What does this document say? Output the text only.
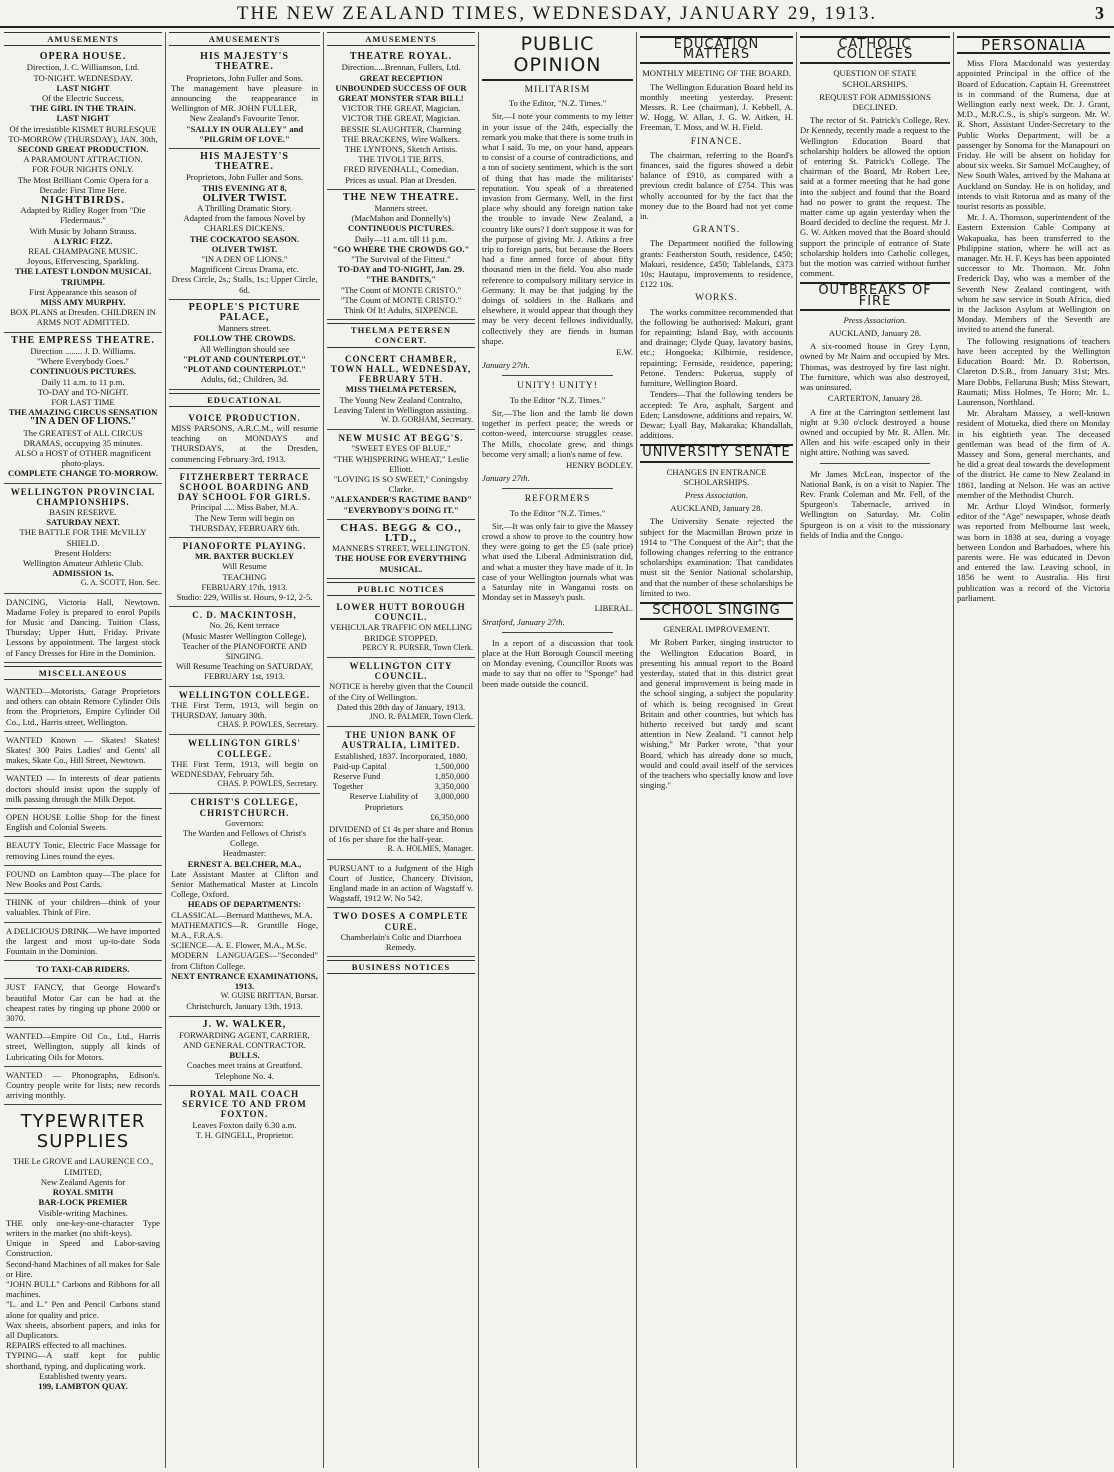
THE NEW ZEALAND TIMES, WEDNESDAY, JANUARY 29, 1913.	3
AMUSEMENTS
OPERA HOUSE.
Direction, J. C. Williamson, Ltd.
TO-NIGHT. WEDNESDAY.
LAST NIGHT
Of the Electric Success,
THE GIRL IN THE TRAIN.
LAST NIGHT
Of the irresistible KISMET BURLESQUE
TO-MORROW (THURSDAY), JAN. 30th,
SECOND GREAT PRODUCTION.
A PARAMOUNT ATTRACTION.
FOR FOUR NIGHTS ONLY.
The Most Brilliant Comic Opera for a Decade: First Time Here.
NIGHTBIRDS.
Adapted by Ridley Roger from "Die Fledermaus."
With Music by Johann Strauss.
A LYRIC FIZZ.
REAL CHAMPAGNE MUSIC.
Joyous, Effervescing, Sparkling.
THE LATEST LONDON MUSICAL TRIUMPH.
First Appearance this season of
MISS AMY MURPHY.
BOX PLANS at Dresden. CHILDREN IN ARMS NOT ADMITTED.
THE EMPRESS THEATRE.
Direction ........ J. D. Williams.
"Where Everybody Goes."
CONTINUOUS PICTURES.
Daily 11 a.m. to 11 p.m.
TO-DAY and TO-NIGHT.
FOR LAST TIME
THE AMAZING CIRCUS SENSATION
"IN A DEN OF LIONS."
The GREATEST of ALL CIRCUS DRAMAS, occupying 35 minutes.
ALSO a HOST of OTHER magnificent photo-plays.
COMPLETE CHANGE TO-MORROW.
WELLINGTON PROVINCIAL CHAMPIONSHIPS.
BASIN RESERVE.
SATURDAY NEXT.
THE BATTLE FOR THE McVILLY SHIELD.
Present Holders:
Wellington Amateur Athletic Club.
ADMISSION 1s.
G. A. SCOTT, Hon. Sec.
DANCING, Victoria Hall, Newtown. Madame Foley is prepared to enrol Pupils for Music and Dancing. Tuition Class, Thursday; Upper Hutt, Friday. Private Lessons by appointment. The largest stock of Fancy Dresses for Hire in the Dominion.
MISCELLANEOUS
WANTED—Motorists, Garage Proprietors and others can obtain Remore Cylinder Oils from the Proprietors, Empire Cylinder Oil Co., Ltd., Harris street, Wellington.
WANTED Known — Skates! Skates! Skates! 300 Pairs Ladies' and Gents' all makes, Skate Co., Hill Street, Newtown.
WANTED — In interests of dear patients doctors should insist upon the supply of milk passing through the Milk Depot.
OPEN HOUSE Lollie Shop for the finest English and Colonial Sweets.
BEAUTY Tonic, Electric Face Massage for removing Lines round the eyes.
FOUND on Lambton quay—The place for New Books and Post Cards.
THINK of your children—think of your valuables. Think of Fire.
A DELICIOUS DRINK—We have imported the largest and most up-to-date Soda Fountain in the Dominion.
TO TAXI-CAB RIDERS.
JUST FANCY, that George Howard's beautiful Motor Car can be had at the cheapest rates by ringing up phone 2000 or 3070.
WANTED—Empire Oil Co., Ltd., Harris street, Wellington, supply all kinds of Lubricating Oils for Motors.
WANTED — Phonographs, Edison's. Country people write for lists; new records arriving monthly.
TYPEWRITER SUPPLIES
THE Le GROVE and LAURENCE CO., LIMITED,
New Zealand Agents for
ROYAL SMITH
BAR-LOCK PREMIER
Visible-writing Machines.
THE only one-key-one-character Type writers in the market (no shift-keys).
Unique in Speed and Labor-saving Construction.
Second-hand Machines of all makes for Sale or Hire.
"JOHN BULL" Carbons and Ribbons for all machines.
"L. and L." Pen and Pencil Carbons stand alone for quality and price.
Wax sheets, absorbent papers, and inks for all Duplicators.
REPAIRS effected to all machines.
TYPING—A staff kept for public shorthand, typing, and duplicating work.
Established twenty years.
199, LAMBTON QUAY.
AMUSEMENTS
HIS MAJESTY'S THEATRE.
Proprietors, John Fuller and Sons.
The management have pleasure in announcing the reappearance in Wellington of MR. JOHN FULLER,
New Zealand's Favourite Tenor.
"SALLY IN OUR ALLEY" and "PILGRIM OF LOVE."
HIS MAJESTY'S THEATRE.
Proprietors, John Fuller and Sons.
THIS EVENING AT 8,
OLIVER TWIST.
A Thrilling Dramatic Story.
Adapted from the famous Novel by CHARLES DICKENS.
THE COCKATOO SEASON.
OLIVER TWIST.
"IN A DEN OF LIONS."
Magnificent Circus Drama, etc.
Dress Circle, 2s.; Stalls, 1s.; Upper Circle, 6d.
PEOPLE'S PICTURE PALACE,
Manners street.
FOLLOW THE CROWDS.
All Wellington should see
"PLOT AND COUNTERPLOT."
"PLOT AND COUNTERPLOT."
Adults, 6d.; Children, 3d.
EDUCATIONAL
VOICE PRODUCTION.
MISS PARSONS, A.R.C.M., will resume teaching on MONDAYS and THURSDAYS, at the Dresden, commencing February 3rd, 1913.
FITZHERBERT TERRACE SCHOOL BOARDING AND DAY SCHOOL FOR GIRLS.
Principal ..... Miss Baber, M.A.
The New Term will begin on THURSDAY, FEBRUARY 6th.
PIANOFORTE PLAYING.
MR. BAXTER BUCKLEY
Will Resume
TEACHING
FEBRUARY 17th, 1913.
Studio: 229, Willis st. Hours, 9-12, 2-5.
C. D. MACKINTOSH,
No. 26, Kent terrace
(Music Master Wellington College),
Teacher of the PIANOFORTE AND SINGING.
Will Resume Teaching on SATURDAY, FEBRUARY 1st, 1913.
WELLINGTON COLLEGE.
THE First Term, 1913, will begin on THURSDAY, January 30th.
CHAS. P. POWLES, Secretary.
WELLINGTON GIRLS' COLLEGE.
THE First Term, 1913, will begin on WEDNESDAY, February 5th.
CHAS. P. POWLES, Secretary.
CHRIST'S COLLEGE, CHRISTCHURCH.
Governors:
The Warden and Fellows of Christ's College.
Headmaster:
ERNEST A. BELCHER, M.A.,
Late Assistant Master at Clifton and Senior Mathematical Master at Lincoln College, Oxford.
HEADS OF DEPARTMENTS:
CLASSICAL—Bernard Matthews, M.A.
MATHEMATICS—R. Grantille Hoge, M.A., F.R.A.S.
SCIENCE—A. E. Flower, M.A., M.Sc.
MODERN LANGUAGES—"Seconded" from Clifton College.
NEXT ENTRANCE EXAMINATIONS, 1913.
W. GUISE BRITTAN, Bursar.
Christchurch, January 13th, 1913.
J. W. WALKER,
FORWARDING AGENT, CARRIER, AND GENERAL CONTRACTOR.
BULLS.
Coaches meet trains at Greatford.
Telephone No. 4.
ROYAL MAIL COACH SERVICE TO AND FROM FOXTON.
Leaves Foxton daily 6.30 a.m.
T. H. GINGELL, Proprietor.
AMUSEMENTS
THEATRE ROYAL.
Direction.....Brennan, Fullers, Ltd.
GREAT RECEPTION
UNBOUNDED SUCCESS OF OUR GREAT MONSTER STAR BILL!
VICTOR THE GREAT, Magician.
VICTOR THE GREAT, Magician.
BESSIE SLAUGHTER, Charming
THE BRACKENS, Wire Walkers.
THE LYNTONS, Sketch Artists.
THE TIVOLI TIE BITS.
FRED RIVENHALL, Comedian.
Prices as usual. Plan at Dresden.
THE NEW THEATRE.
Manners street.
(MacMahon and Donnelly's)
CONTINUOUS PICTURES.
Daily—11 a.m. till 11 p.m.
"GO WHERE THE CROWDS GO."
"The Survival of the Fittest."
TO-DAY and TO-NIGHT, Jan. 29.
"THE BANDITS,"
"The Count of MONTE CRISTO."
"The Count of MONTE CRISTO."
Think Of It! Adults, SIXPENCE.
THELMA PETERSEN CONCERT.
CONCERT CHAMBER, TOWN HALL, WEDNESDAY, FEBRUARY 5TH.
MISS THELMA PETERSEN,
The Young New Zealand Contralto,
Leaving Talent in Wellington assisting.
W. D. GORHAM, Secretary.
NEW MUSIC AT BEGG'S.
"SWEET EYES OF BLUE,"
"THE WHISPERING WHEAT," Leslie Elliott.
"LOVING IS SO SWEET," Coningsby Clarke.
"ALEXANDER'S RAGTIME BAND"
"EVERYBODY'S DOING IT."
CHAS. BEGG & CO., LTD.,
MANNERS STREET, WELLINGTON.
THE HOUSE FOR EVERYTHING MUSICAL.
PUBLIC NOTICES
LOWER HUTT BOROUGH COUNCIL.
VEHICULAR TRAFFIC ON MELLING BRIDGE STOPPED.
PERCY R. PURSER, Town Clerk.
WELLINGTON CITY COUNCIL.
NOTICE is hereby given that the Council of the City of Wellington.
Dated this 28th day of January, 1913.
JNO. R. PALMER, Town Clerk.
THE UNION BANK OF AUSTRALIA, LIMITED.
Established, 1837. Incorporated, 1880.
Paid-up Capital	1,500,000
Reserve Fund	1,850,000
Together	3,350,000
Reserve Liability of Proprietors
3,000,000
£6,350,000
DIVIDEND of £1 4s per share and Bonus of 16s per share for the half-year.
R. A. HOLMES, Manager.
PURSUANT to a Judgment of the High Court of Justice, Chancery Division, England made in an action of Wagstaff v. Wagstaff, 1912 W. No 542.
TWO DOSES A COMPLETE CURE.
Chamberlain's Colic and Diarrhoea Remedy.
BUSINESS NOTICES
PUBLIC OPINION
MILITARISM
To the Editor, "N.Z. Times."
Sir,—I note your comments to my letter in your issue of the 24th, especially the remark you make that there is some truth in what I said. To me, on your hand, appears to consist of a course of contradictions, and a ton of society sentiment, which is the sort of thing that has made the militarists' reputation. You speak of a threatened invasion from Germany. Well, in the first place why should any foreign nation take the trouble to invade New Zealand, a country like ours? I don't suppose it was for the purpose of giving Mr. J. Atkins a free trip to foreign parts, but because the Boers had a fine armed force of about fifty thousand men in the field. You also made reference to compulsory military service in Germany. It may be that judging by the doings of soldiers in the Balkans and elsewhere, it would appear that though they may be very decent fellows individually, collectively they are fiends in human shape.
E.W.
January 27th.
UNITY! UNITY!
To the Editor "N.Z. Times."
Sir,—The lion and the lamb lie down together in perfect peace; the weeds or cotton-weed, intercourse struggles cease. The Mills, chocolate grew, and things become very small; a lion's name of few.
HENRY BODLEY.
January 27th.
REFORMERS
To the Editor "N.Z. Times."
Sir,—It was only fair to give the Massey crowd a show to prove to the country how they were going to get the £5 (sale price) what used the Liberal Administration did, and what a muster they have made of it. In case of your Wellington journals what was a Saturday nite in Wanganui rosts on Monday set in Massey's push.
LIBERAL.
Stratford, January 27th.
In a report of a discussion that took place at the Hutt Borough Council meeting on Monday evening, Councillor Roots was made to say that no offer to "Sponge" had been made outside the council.
EDUCATION MATTERS
MONTHLY MEETING OF THE BOARD.
The Wellington Education Board held its monthly meeting yesterday. Present: Messrs. R. Lee (chairman), J. Kebbell, A. W. Hogg, W. Allan, J. G. W. Aitken, H. Freeman, T. Moss, and W. H. Field.
FINANCE.
The chairman, referring to the Board's finances, said the figures showed a debit balance of £910, as compared with a previous credit balance of £754. This was wholly accounted for by the fact that the money due to the Board had not yet come in.
GRANTS.
The Department notified the following grants: Featherston South, residence, £450; Makuri, residence, £450; Tablelands, £373 10s; Hautapu, improvements to residence, £122 10s.
WORKS.
The works committee recommended that the following be authorised: Makuri, grant for repainting; Island Bay, with accounts and drainage; Clyde Quay, lavatory basins, etc.; Hongoeka; Kilbirnie, residence, repainting; Fernside, residence, papering; Petone. Tenders: Pukerua, supply of furniture, Wellington Board.
Tenders—That the following tenders be accepted: Te Aro, asphalt, Sargent and Eden; Lansdowne, additions and repairs, W. Dewar; Lyall Bay, Makaraka; Khandallah, additions.
UNIVERSITY SENATE
CHANGES IN ENTRANCE SCHOLARSHIPS.
Press Association.
AUCKLAND, January 28.
The University Senate rejected the subject for the Macmillan Brown prize in 1914 to "The Conquest of the Air"; that the following changes referring to the entrance scholarships examination: That candidates must sit the Senior National scholarship, and that the number of these scholarships be limited to two.
SCHOOL SINGING
GENERAL IMPROVEMENT.
Mr Robert Parker, singing instructor to the Wellington Education Board, in presenting his annual report to the Board yesterday, stated that in this district great and general improvement is being made in the school singing, a subject the popularity of which is being recognised in Great Britain and other countries, but which has hitherto received but tardy and scant attention in New Zealand. "I cannot help wishing," Mr Parker wrote, "that your Board, which has already done so much, would and could avail itself of the services of the teachers who specially know and love singing."
CATHOLIC COLLEGES
QUESTION OF STATE SCHOLARSHIPS.
REQUEST FOR ADMISSIONS DECLINED.
The rector of St. Patrick's College, Rev. Dr Kennedy, recently made a request to the Wellington Education Board that scholarship holders be allowed the option of entering St. Patrick's College. The chairman of the Board, Mr Robert Lee, said at a former meeting that he had gone into the subject and found that the Board had no power to grant the request. The matter came up again yesterday when the Board decided to decline the request. Mr J. G. W. Aitken moved that the Board should support the principle of entrance of State scholarship holders into Catholic colleges, but the motion was carried without further comment.
OUTBREAKS OF FIRE
Press Association.
AUCKLAND, January 28.
A six-roomed house in Grey Lynn, owned by Mr Nairn and occupied by Mrs. Thomas, was destroyed by fire last night. The furniture, which was also destroyed, was uninsured.
CARTERTON, January 28.
A fire at the Carrington settlement last night at 9.30 o'clock destroyed a house owned and occupied by Mr. R. Allen. Mr. Allen and his wife escaped only in their night attire. Nothing was saved.
Mr James McLean, inspector of the National Bank, is on a visit to Napier. The Rev. Frank Coleman and Mr. Fell, of the Spurgeon's Tabernacle, arrived in Wellington on Saturday. Mr. Colin Spurgeon is on a visit to the missionary fields of India and the Congo.
PERSONALIA
Miss Flora Macdonald was yesterday appointed Principal in the office of the Board of Education. Captain H. Greenstreet is in command of the Rumena, due at Wellington early next week. Dr. J. Grant, M.D., M.R.C.S., is ship's surgeon. Mr. W. R. Short, Assistant Under-Secretary to the Public Works Department, will be a passenger by Sonoma for the Manapouri on Friday. He will be absent on holiday for about six weeks. Sir Samuel McCaughey, of New South Wales, arrived by the Mahana at Auckland on Sunday. He is on holiday, and intends to visit Rotorua and as many of the tourist resorts as possible.
Mr. J. A. Thomson, superintendent of the Eastern Extension Cable Company at Wakapuaka, has been transferred to the Philippine station, where he will act as manager. Mr. H. F. Keys has been appointed successor to Mr. Thomson. Mr. John Frederick Day, who was a member of the Seventh New Zealand contingent, with whom he saw service in South Africa, died in the Jackson Asylum at Wellington on Monday. Members of the Seventh are invited to attend the funeral.
The following resignations of teachers have been accepted by the Wellington Education Board: Mr. D. Robertson, Clareton D.S.B., from January 31st; Mrs. Mare Dobbs, Fellaruna Bush; Miss Stewart, Raumati; Miss Holmes, Te Horo; Mr. L. Laurenson, Northland.
Mr. Abraham Massey, a well-known resident of Motueka, died there on Monday in his eightieth year. The deceased gentleman was head of the firm of A. Massey and Sons, general merchants, and he did a great deal towards the development of the district. He came to New Zealand in 1861, landing at Nelson. He was an active member of the Methodist Church.
Mr. Arthur Lloyd Windsor, formerly editor of the "Age" newspaper, whose death was reported from Melbourne last week, was born in 1838 at sea, during a voyage between London and Barbadoes, where his parents were. He was educated in Devon and entered the law. Leaving school, in 1856 he went to Australia. His first publication was a record of the Victoria parliament.
